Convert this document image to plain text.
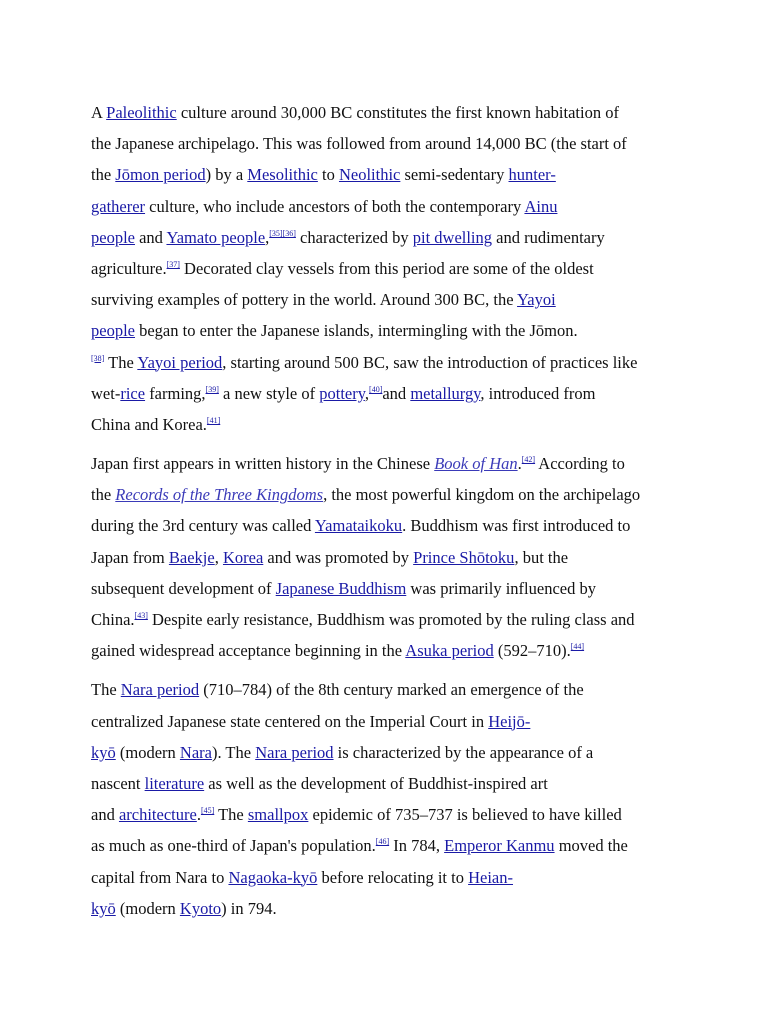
A Paleolithic culture around 30,000 BC constitutes the first known habitation of
the Japanese archipelago. This was followed from around 14,000 BC (the start of
the Jōmon period) by a Mesolithic to Neolithic semi-sedentary hunter-
gatherer culture, who include ancestors of both the contemporary Ainu
people and Yamato people,[35][36] characterized by pit dwelling and rudimentary
agriculture.[37] Decorated clay vessels from this period are some of the oldest
surviving examples of pottery in the world. Around 300 BC, the Yayoi
people began to enter the Japanese islands, intermingling with the Jōmon.
[38] The Yayoi period, starting around 500 BC, saw the introduction of practices like
wet-rice farming,[39] a new style of pottery,[40]and metallurgy, introduced from
China and Korea.[41]
Japan first appears in written history in the Chinese Book of Han.[42] According to
the Records of the Three Kingdoms, the most powerful kingdom on the archipelago
during the 3rd century was called Yamataikoku. Buddhism was first introduced to
Japan from Baekje, Korea and was promoted by Prince Shōtoku, but the
subsequent development of Japanese Buddhism was primarily influenced by
China.[43] Despite early resistance, Buddhism was promoted by the ruling class and
gained widespread acceptance beginning in the Asuka period (592–710).[44]
The Nara period (710–784) of the 8th century marked an emergence of the
centralized Japanese state centered on the Imperial Court in Heijō-
kyō (modern Nara). The Nara period is characterized by the appearance of a
nascent literature as well as the development of Buddhist-inspired art
and architecture.[45] The smallpox epidemic of 735–737 is believed to have killed
as much as one-third of Japan's population.[46] In 784, Emperor Kanmu moved the
capital from Nara to Nagaoka-kyō before relocating it to Heian-
kyō (modern Kyoto) in 794.
